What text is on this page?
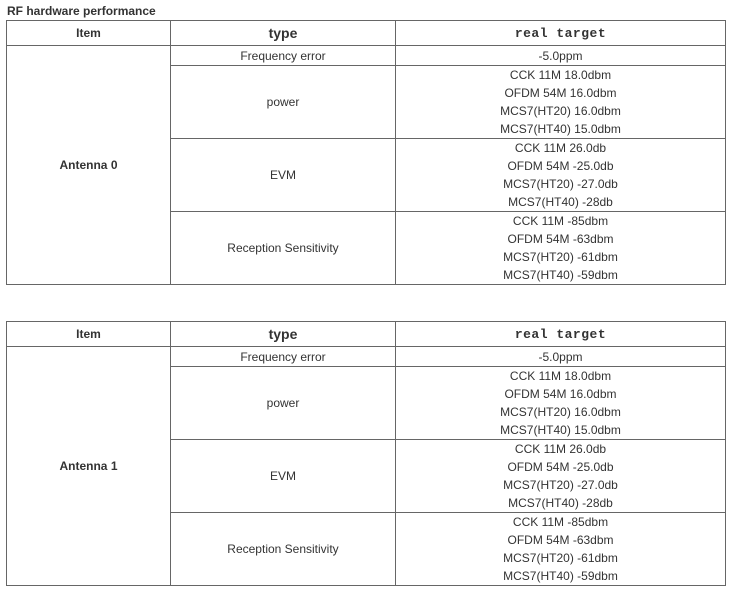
RF hardware performance
Item	type	real target
Antenna 0	Frequency error	-5.0ppm

	power	CCK 11M 18.0dbm
OFDM 54M 16.0dbm
MCS7(HT20) 16.0dbm
MCS7(HT40) 15.0dbm

	EVM	CCK 11M 26.0db
OFDM 54M -25.0db
MCS7(HT20) -27.0db
MCS7(HT40) -28db

	Reception Sensitivity	CCK 11M -85dbm
OFDM 54M -63dbm
MCS7(HT20) -61dbm
MCS7(HT40) -59dbm
Item	type	real target
Antenna 1	Frequency error	-5.0ppm

	power	CCK 11M 18.0dbm
OFDM 54M 16.0dbm
MCS7(HT20) 16.0dbm
MCS7(HT40) 15.0dbm

	EVM	CCK 11M 26.0db
OFDM 54M -25.0db
MCS7(HT20) -27.0db
MCS7(HT40) -28db

	Reception Sensitivity	CCK 11M -85dbm
OFDM 54M -63dbm
MCS7(HT20) -61dbm
MCS7(HT40) -59dbm
